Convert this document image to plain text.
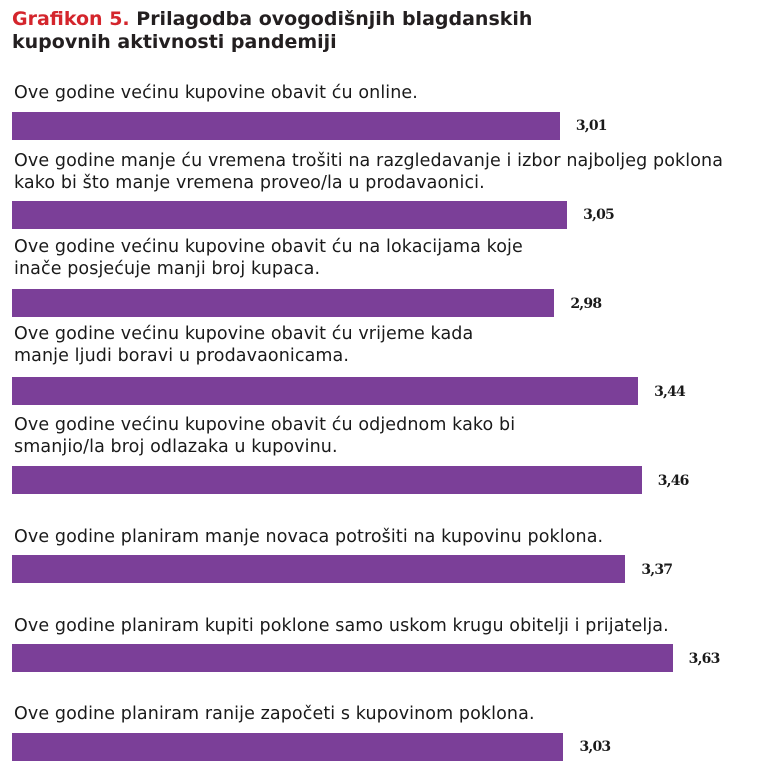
Grafikon 5. Prilagodba ovogodišnjih blagdanskih kupovnih aktivnosti pandemiji
Ove godine većinu kupovine obavit ću online.
3,01
Ove godine manje ću vremena trošiti na razgledavanje i izbor najboljeg poklona kako bi što manje vremena proveo/la u prodavaonici.
3,05
Ove godine većinu kupovine obavit ću na lokacijama koje inače posjećuje manji broj kupaca.
2,98
Ove godine većinu kupovine obavit ću vrijeme kada manje ljudi boravi u prodavaonicama.
3,44
Ove godine većinu kupovine obavit ću odjednom kako bi smanjio/la broj odlazaka u kupovinu.
3,46
Ove godine planiram manje novaca potrošiti na kupovinu poklona.
3,37
Ove godine planiram kupiti poklone samo uskom krugu obitelji i prijatelja.
3,63
Ove godine planiram ranije započeti s kupovinom poklona.
3,03
